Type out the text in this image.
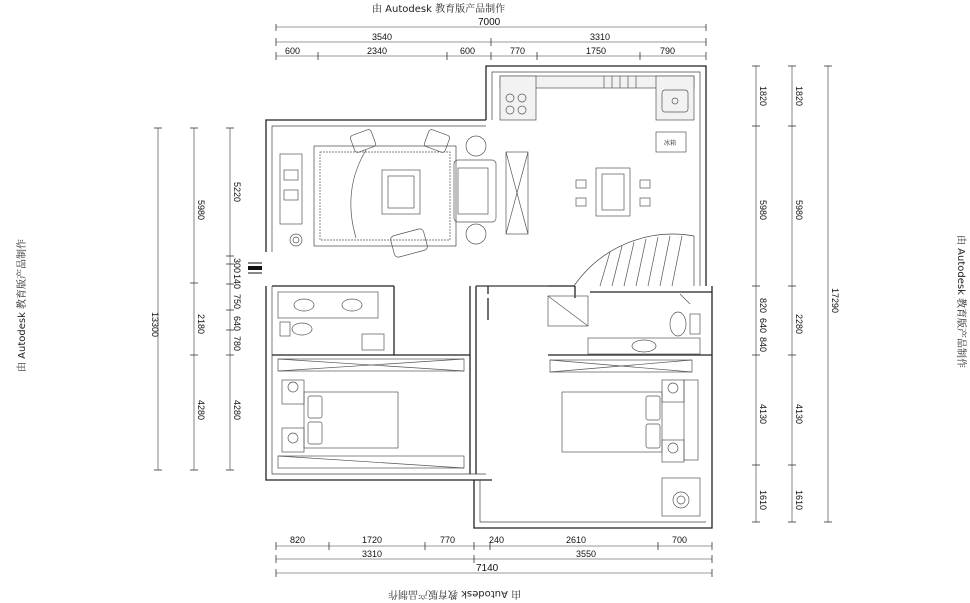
由 Autodesk 教育版产品制作
由 Autodesk 教育版产品制作
由 Autodesk 教育版产品制作	由 Autodesk 教育版产品制作
7000
3540	3310
600	2340	600	770	1750	790
820	1720	770	240	2610	700
3310	3550
7140
13300
5980
2180
4280
5220
300
140
750
640
780
4280
1820
5980
820
640
840
4130
1610
1820
5980
2280
4130
1610
17290
冰箱
